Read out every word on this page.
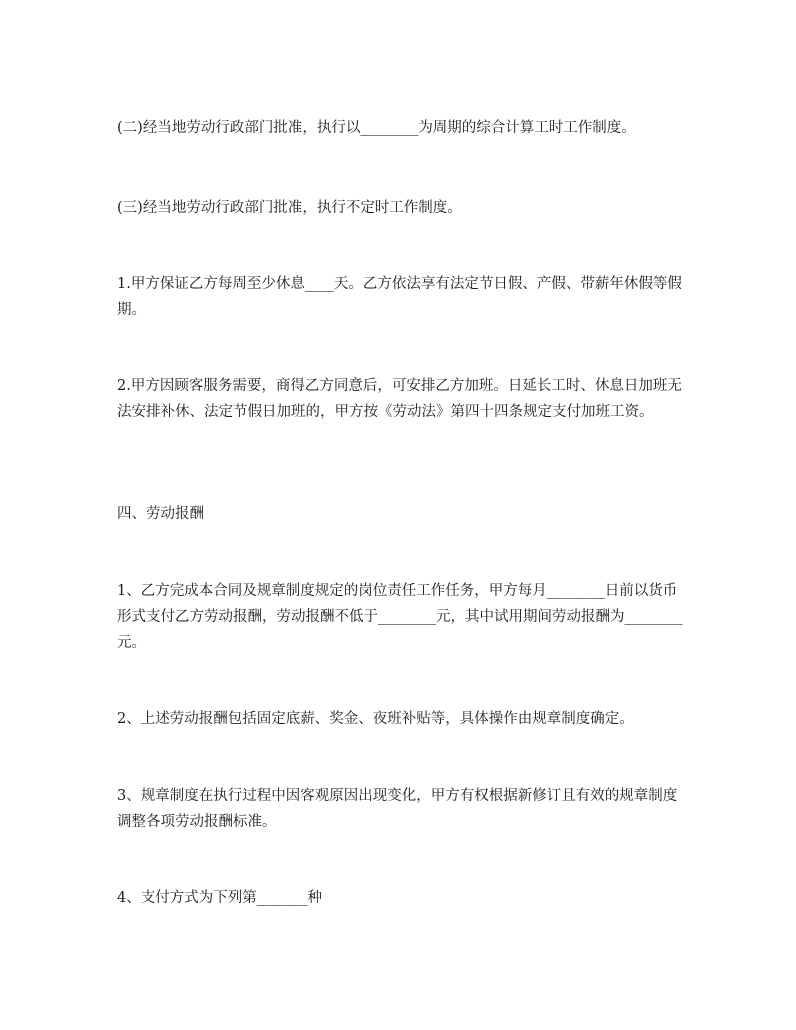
(二)经当地劳动行政部门批准，执行以________为周期的综合计算工时工作制度。

(三)经当地劳动行政部门批准，执行不定时工作制度。

1.甲方保证乙方每周至少休息____天。乙方依法享有法定节日假、产假、带薪年休假等假期。

2.甲方因顾客服务需要，商得乙方同意后，可安排乙方加班。日延长工时、休息日加班无法安排补休、法定节假日加班的，甲方按《劳动法》第四十四条规定支付加班工资。

四、劳动报酬

1、乙方完成本合同及规章制度规定的岗位责任工作任务，甲方每月________日前以货币形式支付乙方劳动报酬，劳动报酬不低于________元，其中试用期间劳动报酬为________元。

2、上述劳动报酬包括固定底薪、奖金、夜班补贴等，具体操作由规章制度确定。

3、规章制度在执行过程中因客观原因出现变化，甲方有权根据新修订且有效的规章制度调整各项劳动报酬标准。

4、支付方式为下列第_______种
